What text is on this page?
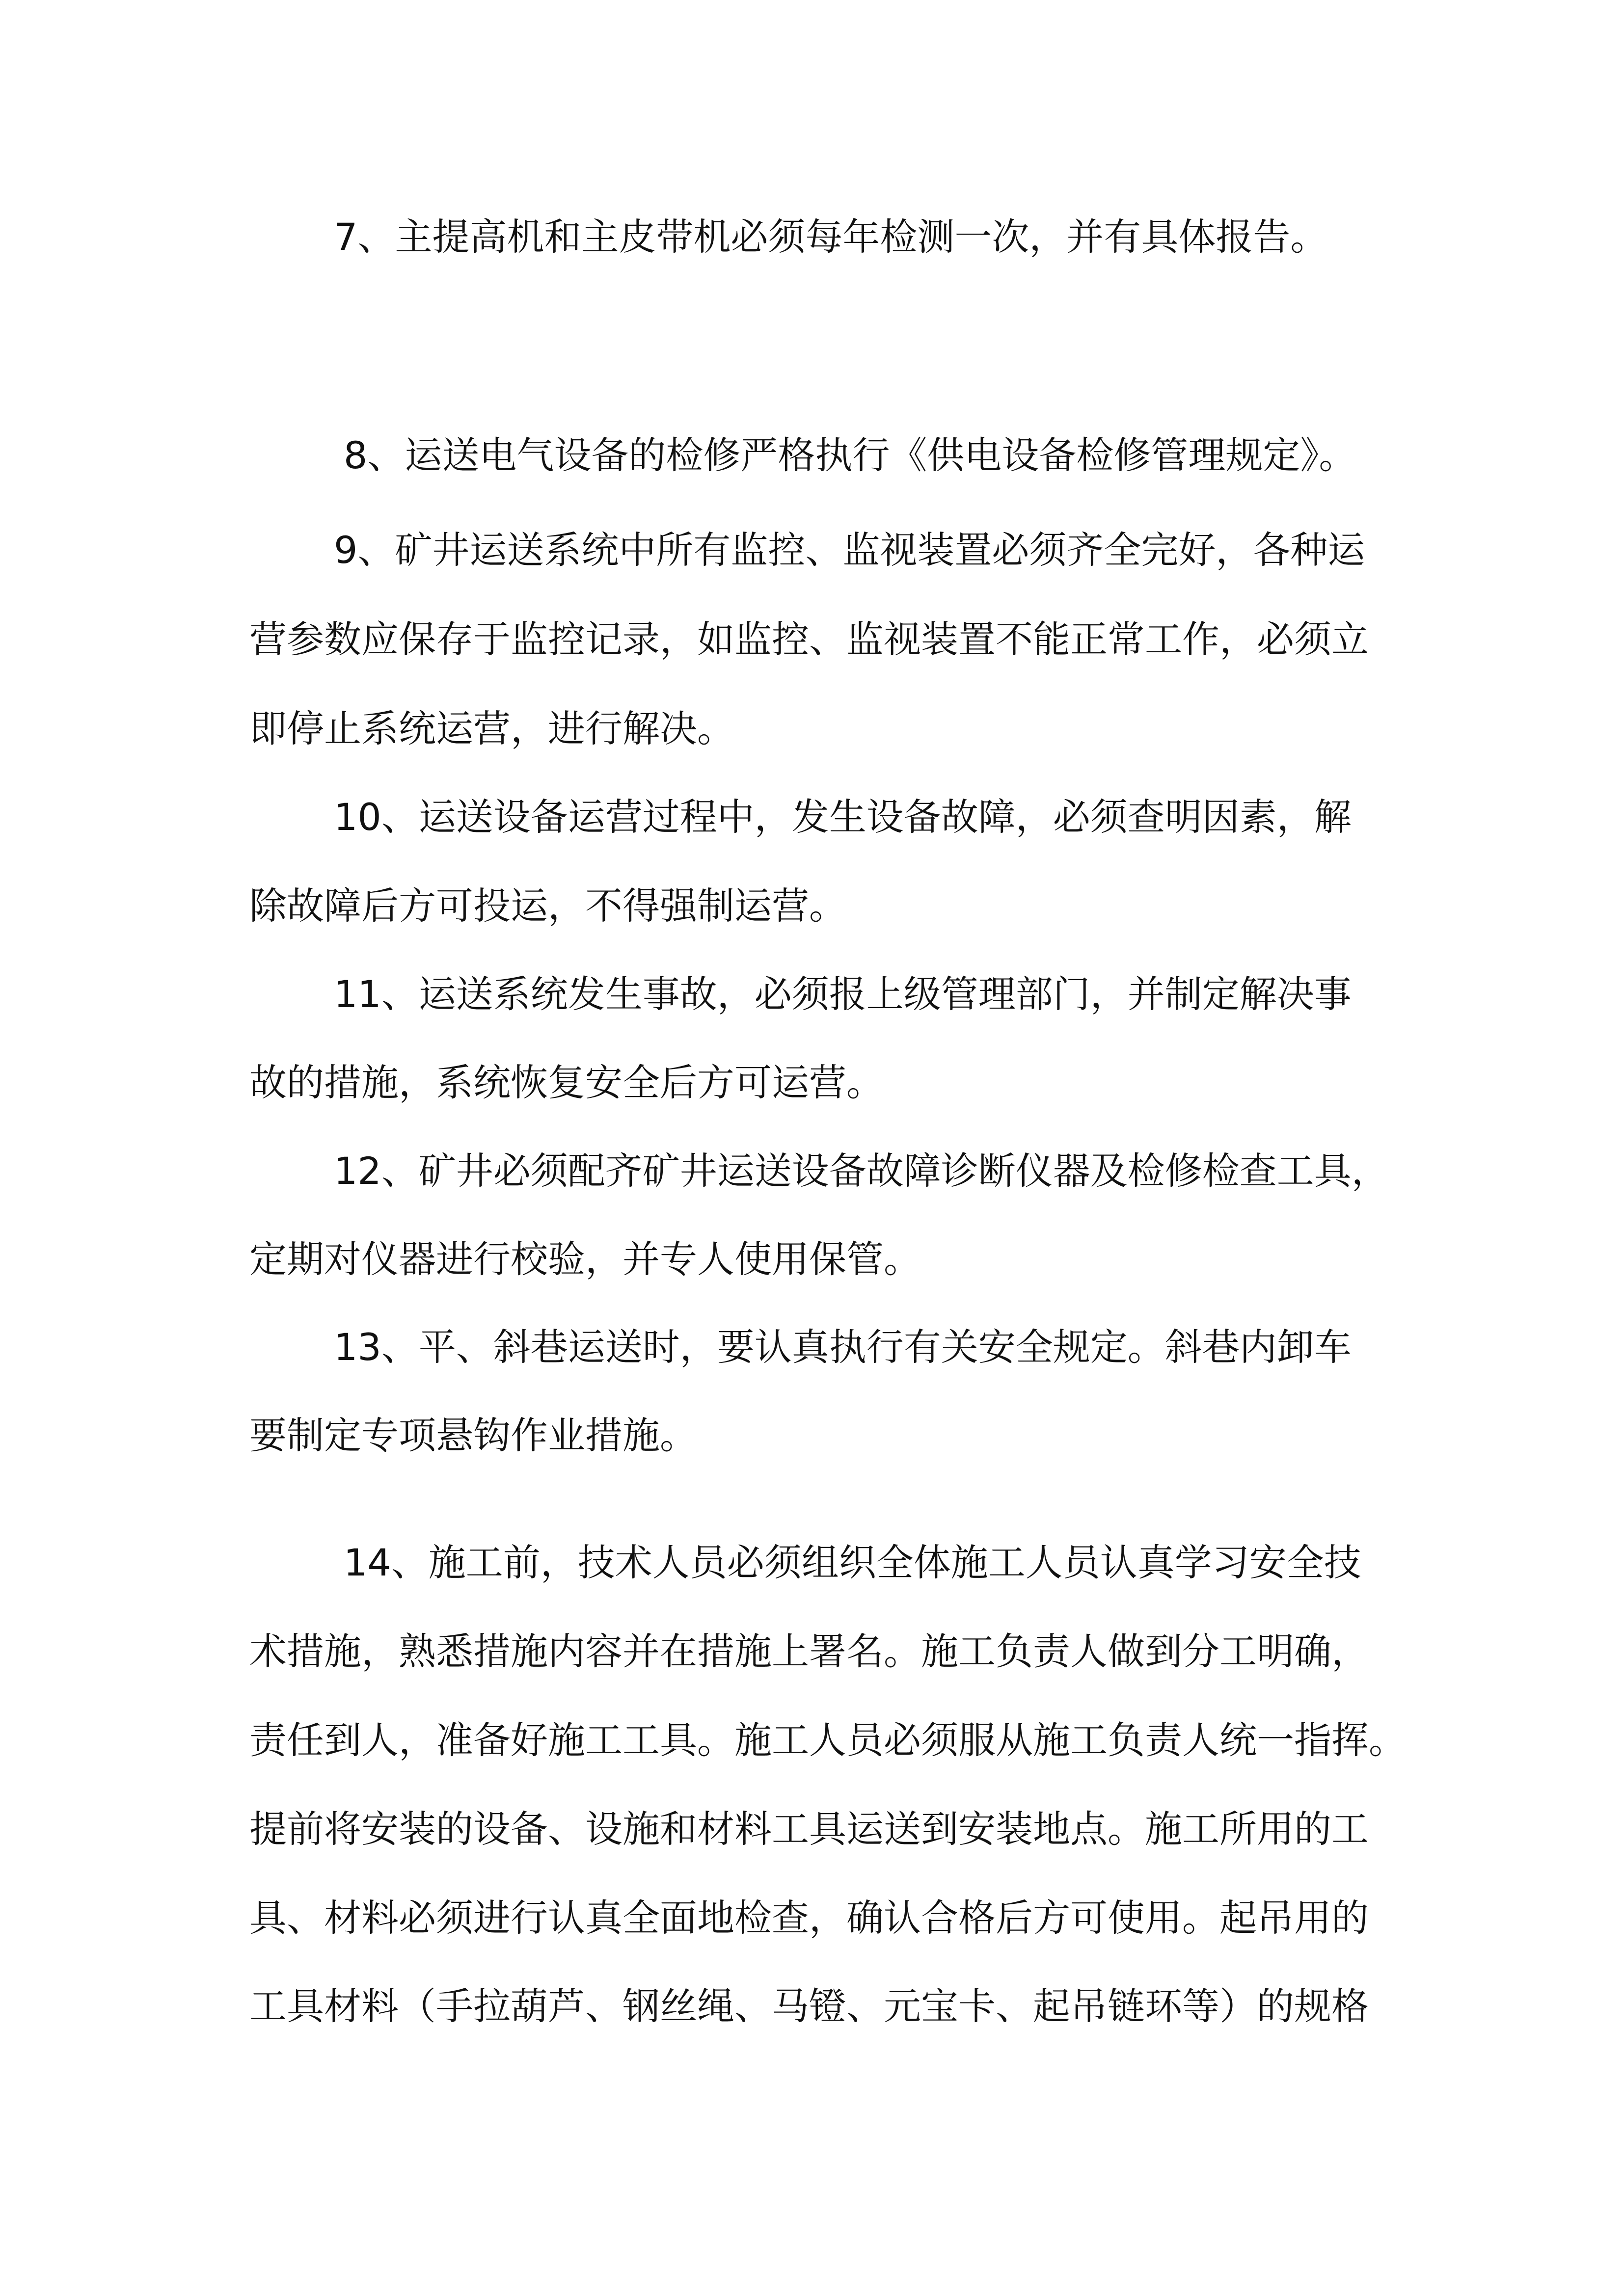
7、主提高机和主皮带机必须每年检测一次，并有具体报告。
8、运送电气设备的检修严格执行《供电设备检修管理规定》。
9、矿井运送系统中所有监控、监视装置必须齐全完好，各种运
营参数应保存于监控记录，如监控、监视装置不能正常工作，必须立
即停止系统运营，进行解决。
10、运送设备运营过程中，发生设备故障，必须查明因素，解
除故障后方可投运，不得强制运营。
11、运送系统发生事故，必须报上级管理部门，并制定解决事
故的措施，系统恢复安全后方可运营。
12、矿井必须配齐矿井运送设备故障诊断仪器及检修检查工具，
定期对仪器进行校验，并专人使用保管。
13、平、斜巷运送时，要认真执行有关安全规定。斜巷内卸车
要制定专项悬钩作业措施。
14、施工前，技术人员必须组织全体施工人员认真学习安全技
术措施，熟悉措施内容并在措施上署名。施工负责人做到分工明确，
责任到人，准备好施工工具。施工人员必须服从施工负责人统一指挥。
提前将安装的设备、设施和材料工具运送到安装地点。施工所用的工
具、材料必须进行认真全面地检查，确认合格后方可使用。起吊用的
工具材料（手拉葫芦、钢丝绳、马镫、元宝卡、起吊链环等）的规格
